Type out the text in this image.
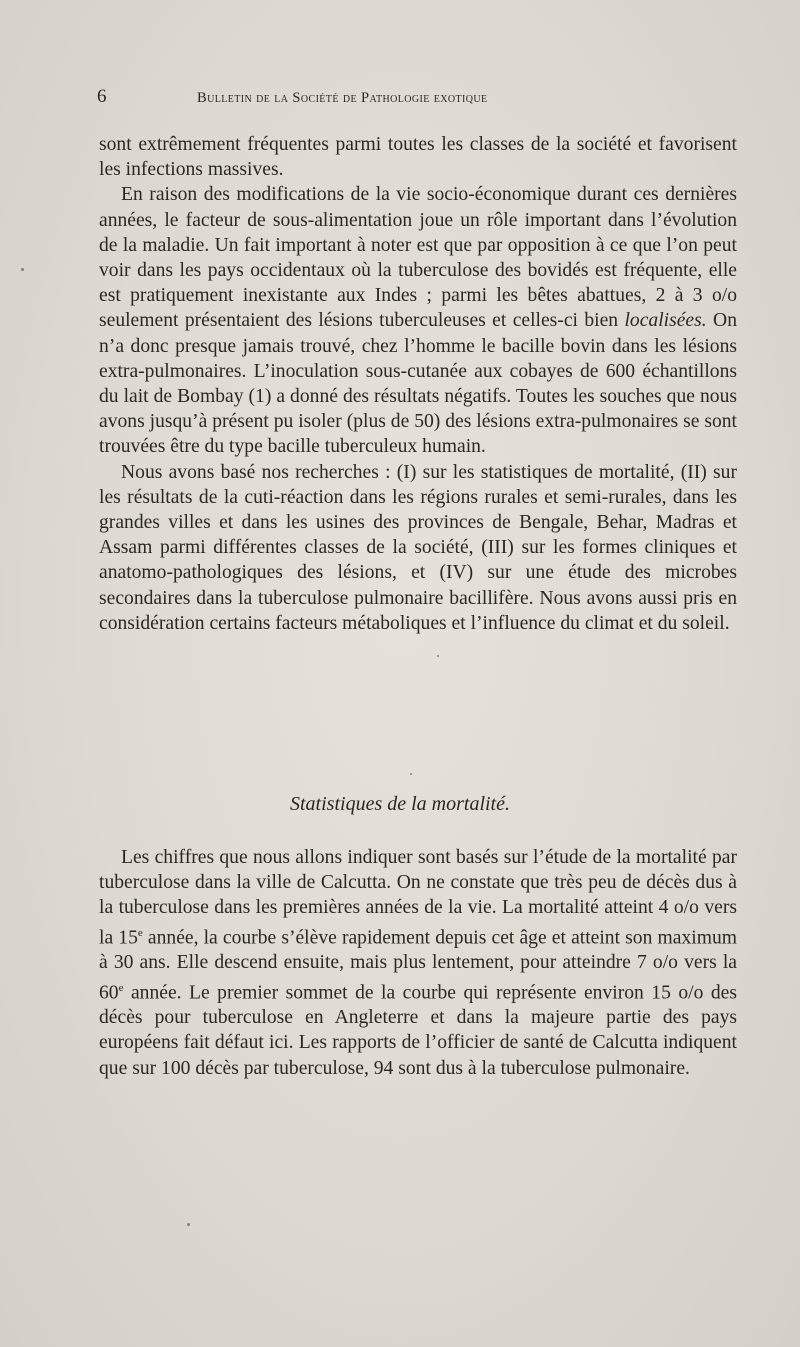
6	Bulletin de la Société de Pathologie exotique

sont extrêmement fréquentes parmi toutes les classes de la société et favorisent les infections massives.

En raison des modifications de la vie socio-économique durant ces dernières années, le facteur de sous-alimentation joue un rôle important dans l’évolution de la maladie. Un fait important à noter est que par opposition à ce que l’on peut voir dans les pays occidentaux où la tuberculose des bovidés est fréquente, elle est pratiquement inexistante aux Indes ; parmi les bêtes abattues, 2 à 3 o/o seulement présentaient des lésions tuberculeuses et celles-ci bien localisées. On n’a donc presque jamais trouvé, chez l’homme le bacille bovin dans les lésions extra-pulmonaires. L’inoculation sous-cutanée aux cobayes de 600 échantillons du lait de Bombay (1) a donné des résultats négatifs. Toutes les souches que nous avons jusqu’à présent pu isoler (plus de 50) des lésions extra-pulmonaires se sont trouvées être du type bacille tuberculeux humain.

Nous avons basé nos recherches : (I) sur les statistiques de mortalité, (II) sur les résultats de la cuti-réaction dans les régions rurales et semi-rurales, dans les grandes villes et dans les usines des provinces de Bengale, Behar, Madras et Assam parmi différentes classes de la société, (III) sur les formes cliniques et anatomo-pathologiques des lésions, et (IV) sur une étude des microbes secondaires dans la tuberculose pulmonaire bacillifère. Nous avons aussi pris en considération certains facteurs métaboliques et l’influence du climat et du soleil.

Statistiques de la mortalité.

Les chiffres que nous allons indiquer sont basés sur l’étude de la mortalité par tuberculose dans la ville de Calcutta. On ne constate que très peu de décès dus à la tuberculose dans les premières années de la vie. La mortalité atteint 4 o/o vers la 15e année, la courbe s’élève rapidement depuis cet âge et atteint son maximum à 30 ans. Elle descend ensuite, mais plus lentement, pour atteindre 7 o/o vers la 60e année. Le premier sommet de la courbe qui représente environ 15 o/o des décès pour tuberculose en Angleterre et dans la majeure partie des pays européens fait défaut ici. Les rapports de l’officier de santé de Calcutta indiquent que sur 100 décès par tuberculose, 94 sont dus à la tuberculose pulmonaire.
